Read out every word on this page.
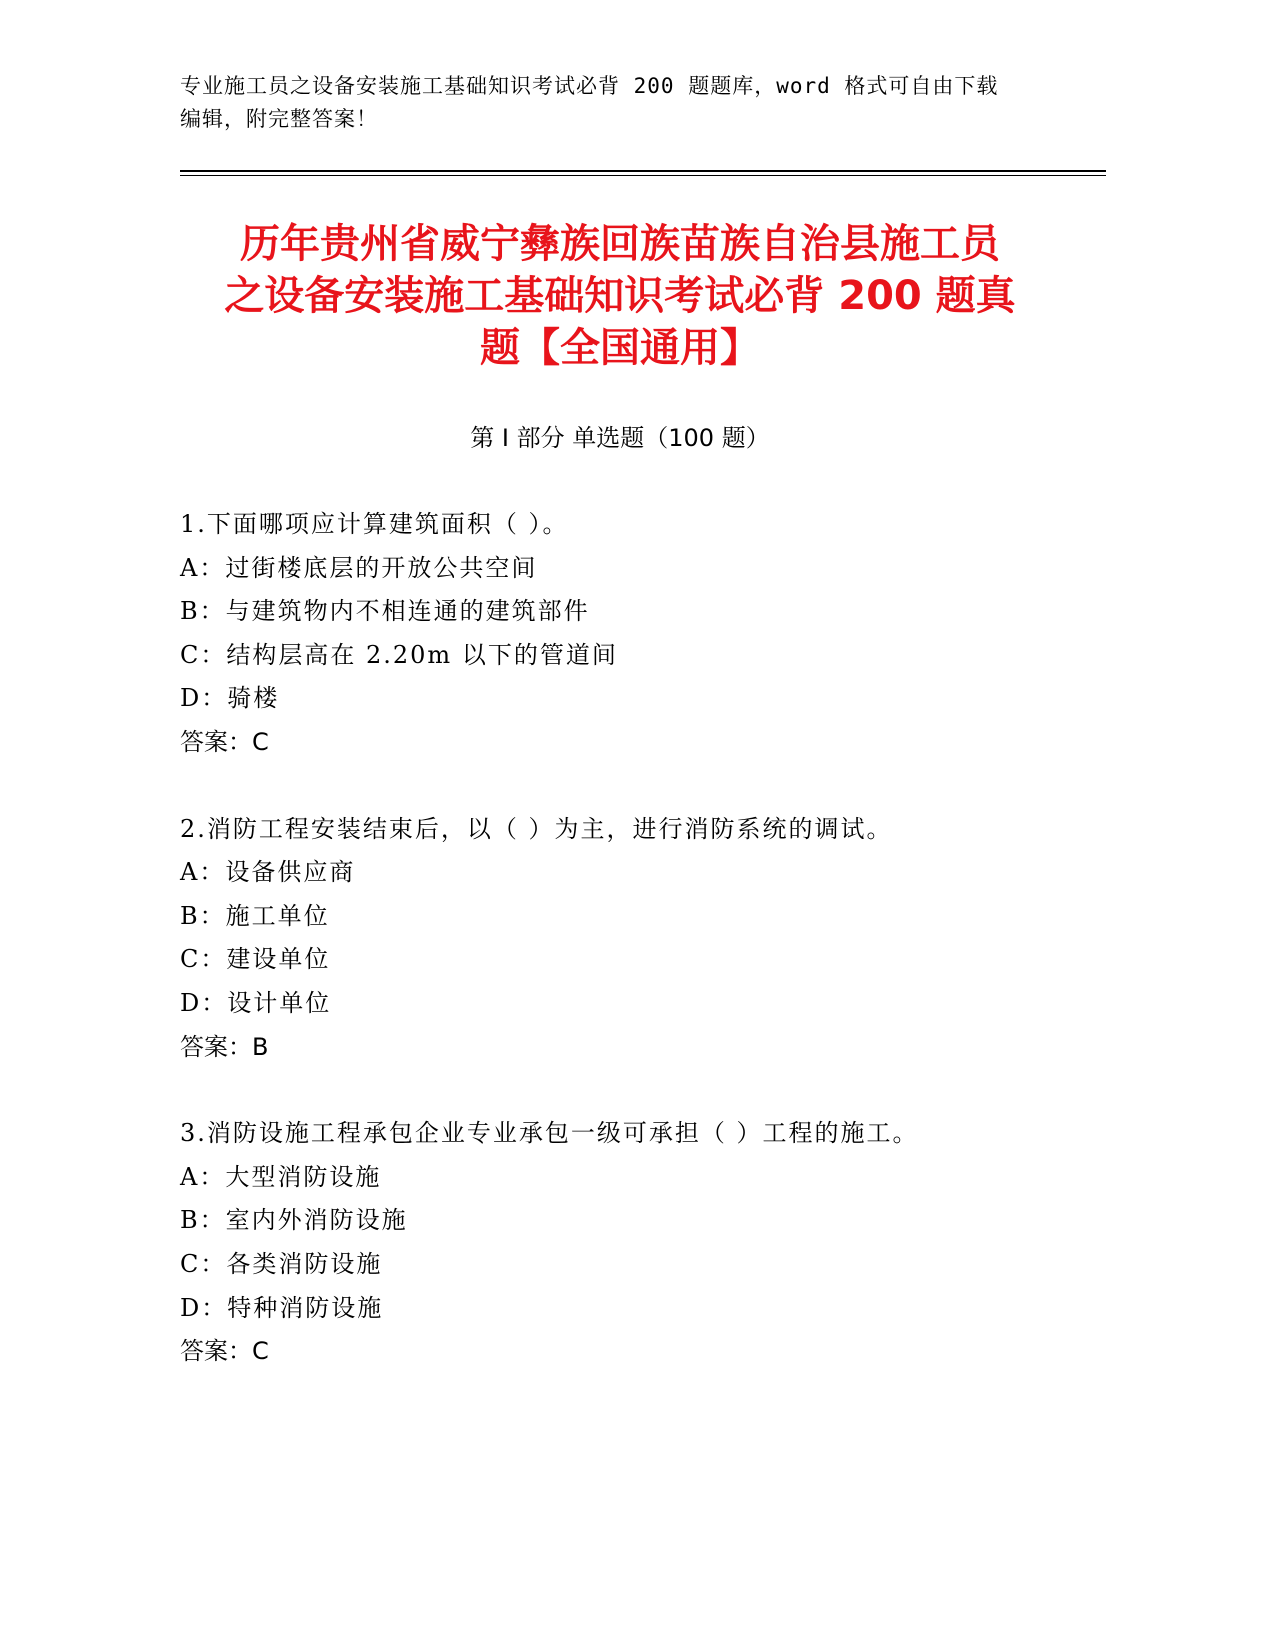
专业施工员之设备安装施工基础知识考试必背 200 题题库，word 格式可自由下载
编辑，附完整答案！
历年贵州省威宁彝族回族苗族自治县施工员
之设备安装施工基础知识考试必背 200 题真
题【全国通用】
第 I 部分 单选题（100 题）
1.下面哪项应计算建筑面积（ ）。
A：过街楼底层的开放公共空间
B：与建筑物内不相连通的建筑部件
C：结构层高在 2.20m 以下的管道间
D：骑楼
答案：C
2.消防工程安装结束后，以（ ）为主，进行消防系统的调试。
A：设备供应商
B：施工单位
C：建设单位
D：设计单位
答案：B
3.消防设施工程承包企业专业承包一级可承担（ ）工程的施工。
A：大型消防设施
B：室内外消防设施
C：各类消防设施
D：特种消防设施
答案：C
